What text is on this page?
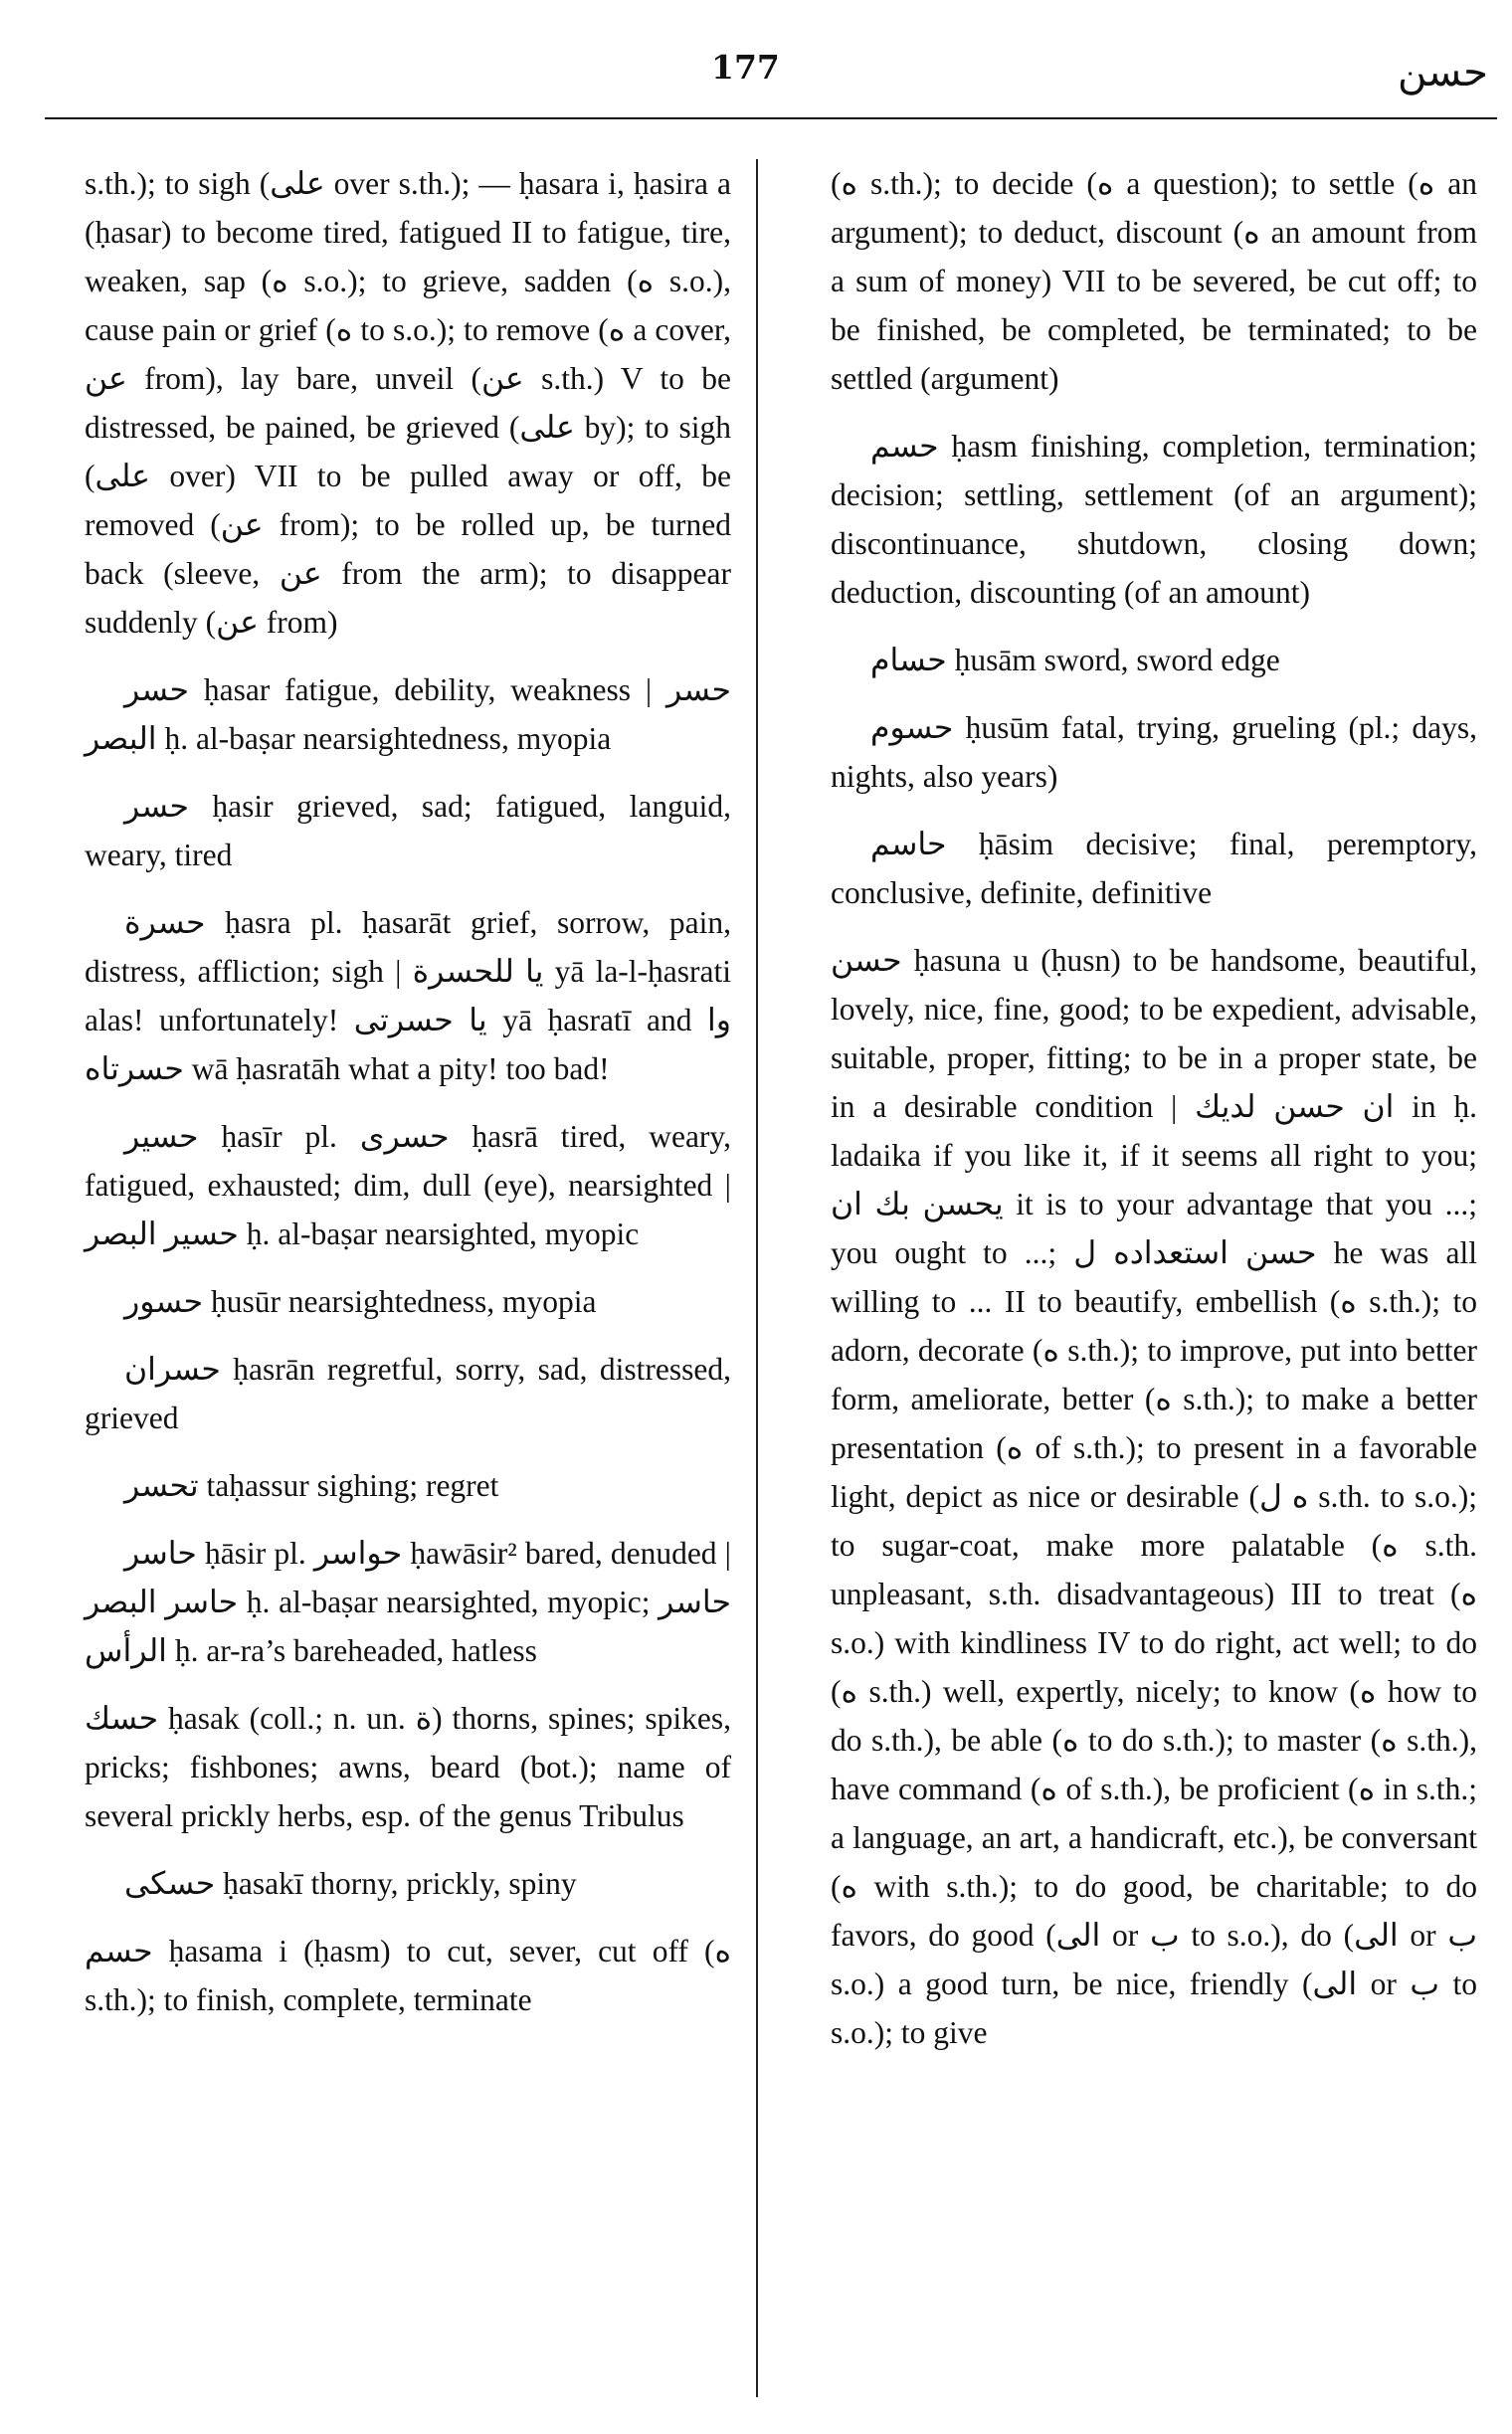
177	حسن

s.th.); to sigh (على over s.th.); — ḥasara i, ḥasira a (ḥasar) to become tired, fatigued II to fatigue, tire, weaken, sap (ه s.o.); to grieve, sadden (ه s.o.), cause pain or grief (ه to s.o.); to remove (ه a cover, عن from), lay bare, unveil (عن s.th.) V to be distressed, be pained, be grieved (على by); to sigh (على over) VII to be pulled away or off, be removed (عن from); to be rolled up, be turned back (sleeve, عن from the arm); to disappear suddenly (عن from)

حسر ḥasar fatigue, debility, weakness | حسر البصر ḥ. al-baṣar nearsightedness, myopia

حسر ḥasir grieved, sad; fatigued, languid, weary, tired

حسرة ḥasra pl. ḥasarāt grief, sorrow, pain, distress, affliction; sigh | يا للحسرة yā la-l-ḥasrati alas! unfortunately! يا حسرتى yā ḥasratī and وا حسرتاه wā ḥasratāh what a pity! too bad!

حسير ḥasīr pl. حسرى ḥasrā tired, weary, fatigued, exhausted; dim, dull (eye), nearsighted | حسير البصر ḥ. al-baṣar nearsighted, myopic

حسور ḥusūr nearsightedness, myopia

حسران ḥasrān regretful, sorry, sad, distressed, grieved

تحسر taḥassur sighing; regret

حاسر ḥāsir pl. حواسر ḥawāsir² bared, denuded | حاسر البصر ḥ. al-baṣar nearsighted, myopic; حاسر الرأس ḥ. ar-ra’s bareheaded, hatless

حسك ḥasak (coll.; n. un. ة) thorns, spines; spikes, pricks; fishbones; awns, beard (bot.); name of several prickly herbs, esp. of the genus Tribulus

حسكى ḥasakī thorny, prickly, spiny

حسم ḥasama i (ḥasm) to cut, sever, cut off (ه s.th.); to finish, complete, terminate

(ه s.th.); to decide (ه a question); to settle (ه an argument); to deduct, discount (ه an amount from a sum of money) VII to be severed, be cut off; to be finished, be completed, be terminated; to be settled (argument)

حسم ḥasm finishing, completion, termination; decision; settling, settlement (of an argument); discontinuance, shutdown, closing down; deduction, discounting (of an amount)

حسام ḥusām sword, sword edge

حسوم ḥusūm fatal, trying, grueling (pl.; days, nights, also years)

حاسم ḥāsim decisive; final, peremptory, conclusive, definite, definitive

حسن ḥasuna u (ḥusn) to be handsome, beautiful, lovely, nice, fine, good; to be expedient, advisable, suitable, proper, fitting; to be in a proper state, be in a desirable condition | ان حسن لديك in ḥ. ladaika if you like it, if it seems all right to you; يحسن بك ان it is to your advantage that you ...; you ought to ...; حسن استعداده ل he was all willing to ... II to beautify, embellish (ه s.th.); to adorn, decorate (ه s.th.); to improve, put into better form, ameliorate, better (ه s.th.); to make a better presentation (ه of s.th.); to present in a favorable light, depict as nice or desirable (ه ل s.th. to s.o.); to sugar-coat, make more palatable (ه s.th. unpleasant, s.th. disadvantageous) III to treat (ه s.o.) with kindliness IV to do right, act well; to do (ه s.th.) well, expertly, nicely; to know (ه how to do s.th.), be able (ه to do s.th.); to master (ه s.th.), have command (ه of s.th.), be proficient (ه in s.th.; a language, an art, a handicraft, etc.), be conversant (ه with s.th.); to do good, be charitable; to do favors, do good (الى or ب to s.o.), do (الى or ب s.o.) a good turn, be nice, friendly (الى or ب to s.o.); to give
